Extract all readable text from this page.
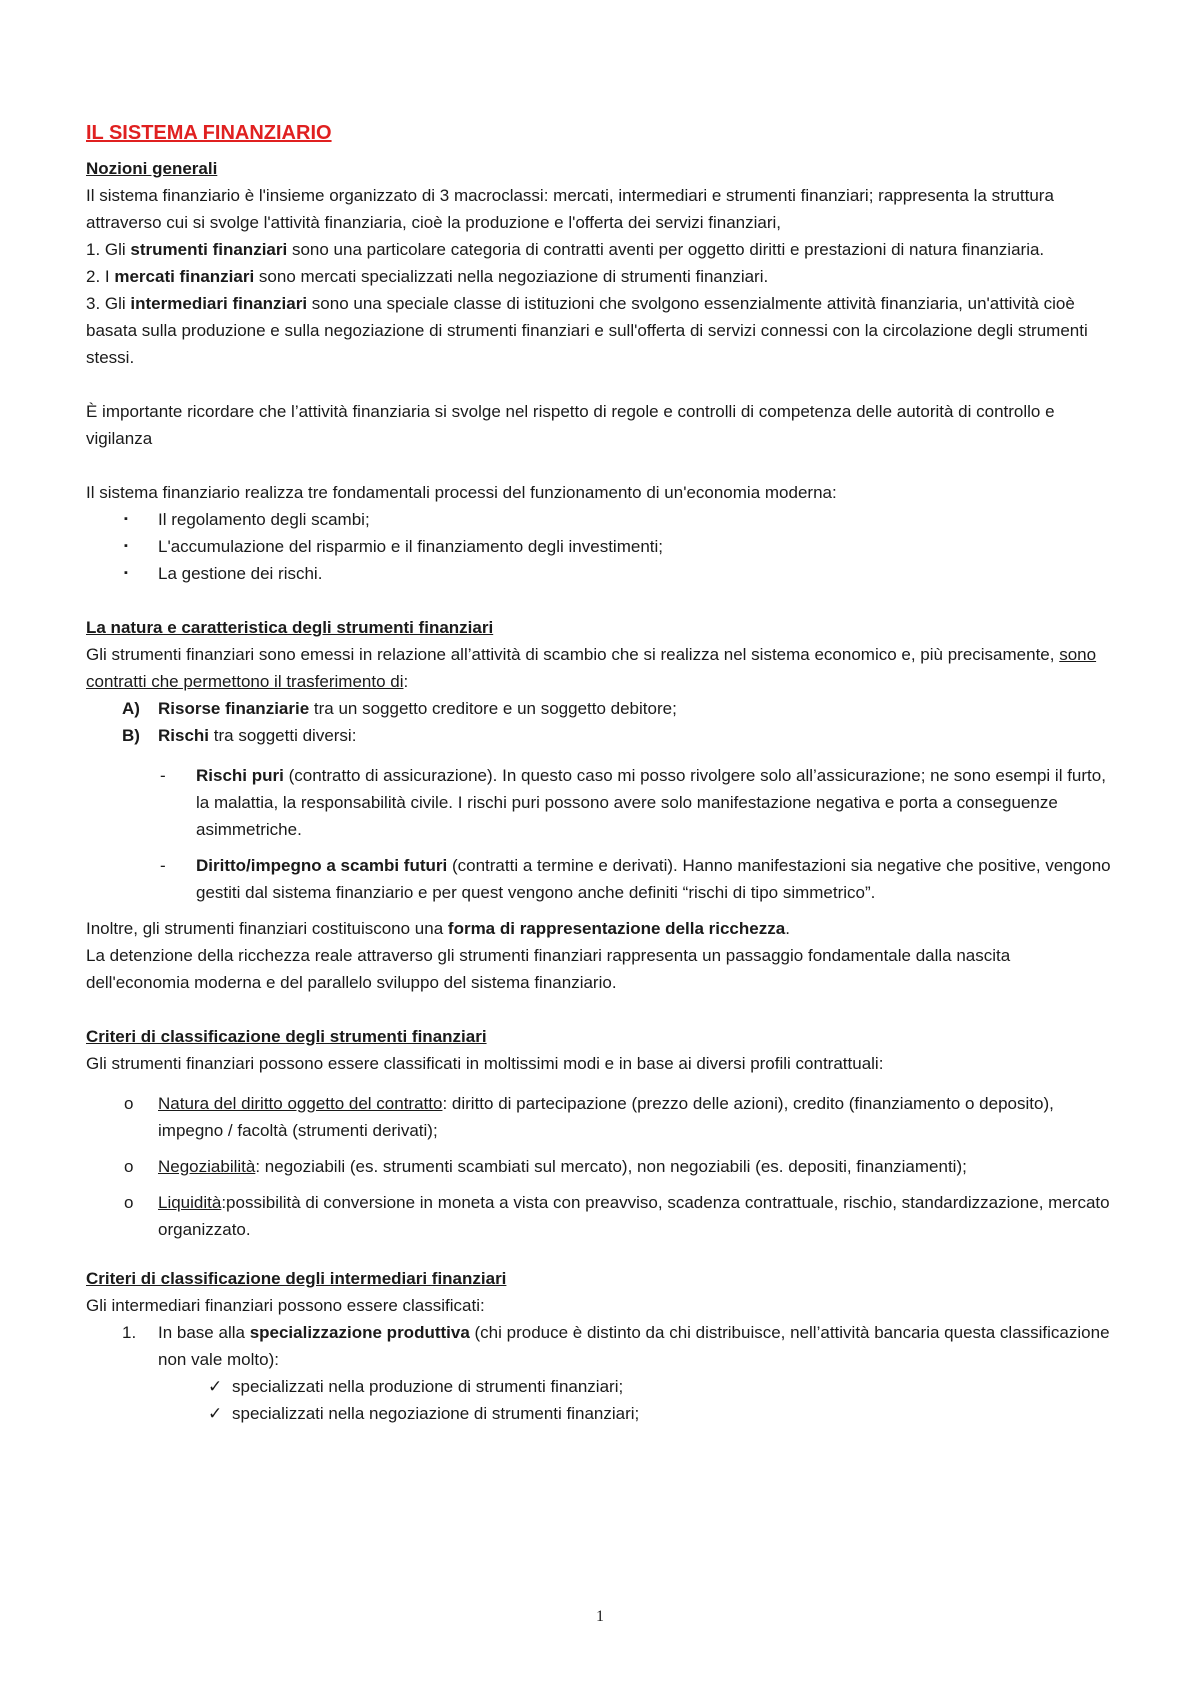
IL SISTEMA FINANZIARIO

Nozioni generali

Il sistema finanziario è l'insieme organizzato di 3 macroclassi: mercati, intermediari e strumenti finanziari; rappresenta la struttura attraverso cui si svolge l'attività finanziaria, cioè la produzione e l'offerta dei servizi finanziari,

1. Gli strumenti finanziari sono una particolare categoria di contratti aventi per oggetto diritti e prestazioni di natura finanziaria.

2. I mercati finanziari sono mercati specializzati nella negoziazione di strumenti finanziari.

3. Gli intermediari finanziari sono una speciale classe di istituzioni che svolgono essenzialmente attività finanziaria, un'attività cioè basata sulla produzione e sulla negoziazione di strumenti finanziari e sull'offerta di servizi connessi con la circolazione degli strumenti stessi.

È importante ricordare che l’attività finanziaria si svolge nel rispetto di regole e controlli di competenza delle autorità di controllo e vigilanza

Il sistema finanziario realizza tre fondamentali processi del funzionamento di un'economia moderna:

▪ Il regolamento degli scambi;
▪ L'accumulazione del risparmio e il finanziamento degli investimenti;
▪ La gestione dei rischi.

La natura e caratteristica degli strumenti finanziari

Gli strumenti finanziari sono emessi in relazione all’attività di scambio che si realizza nel sistema economico e, più precisamente, sono contratti che permettono il trasferimento di:

A) Risorse finanziarie tra un soggetto creditore e un soggetto debitore;
B) Rischi tra soggetti diversi:
- Rischi puri (contratto di assicurazione). In questo caso mi posso rivolgere solo all’assicurazione; ne sono esempi il furto, la malattia, la responsabilità civile. I rischi puri possono avere solo manifestazione negativa e porta a conseguenze asimmetriche.
- Diritto/impegno a scambi futuri (contratti a termine e derivati). Hanno manifestazioni sia negative che positive, vengono gestiti dal sistema finanziario e per quest vengono anche definiti “rischi di tipo simmetrico”.

Inoltre, gli strumenti finanziari costituiscono una forma di rappresentazione della ricchezza.

La detenzione della ricchezza reale attraverso gli strumenti finanziari rappresenta un passaggio fondamentale dalla nascita dell'economia moderna e del parallelo sviluppo del sistema finanziario.

Criteri di classificazione degli strumenti finanziari

Gli strumenti finanziari possono essere classificati in moltissimi modi e in base ai diversi profili contrattuali:

o Natura del diritto oggetto del contratto: diritto di partecipazione (prezzo delle azioni), credito (finanziamento o deposito), impegno / facoltà (strumenti derivati);
o Negoziabilità: negoziabili (es. strumenti scambiati sul mercato), non negoziabili (es. depositi, finanziamenti);
o Liquidità:possibilità di conversione in moneta a vista con preavviso, scadenza contrattuale, rischio, standardizzazione, mercato organizzato.

Criteri di classificazione degli intermediari finanziari

Gli intermediari finanziari possono essere classificati:

1. In base alla specializzazione produttiva (chi produce è distinto da chi distribuisce, nell’attività bancaria questa classificazione non vale molto):
✓ specializzati nella produzione di strumenti finanziari;
✓ specializzati nella negoziazione di strumenti finanziari;
1
